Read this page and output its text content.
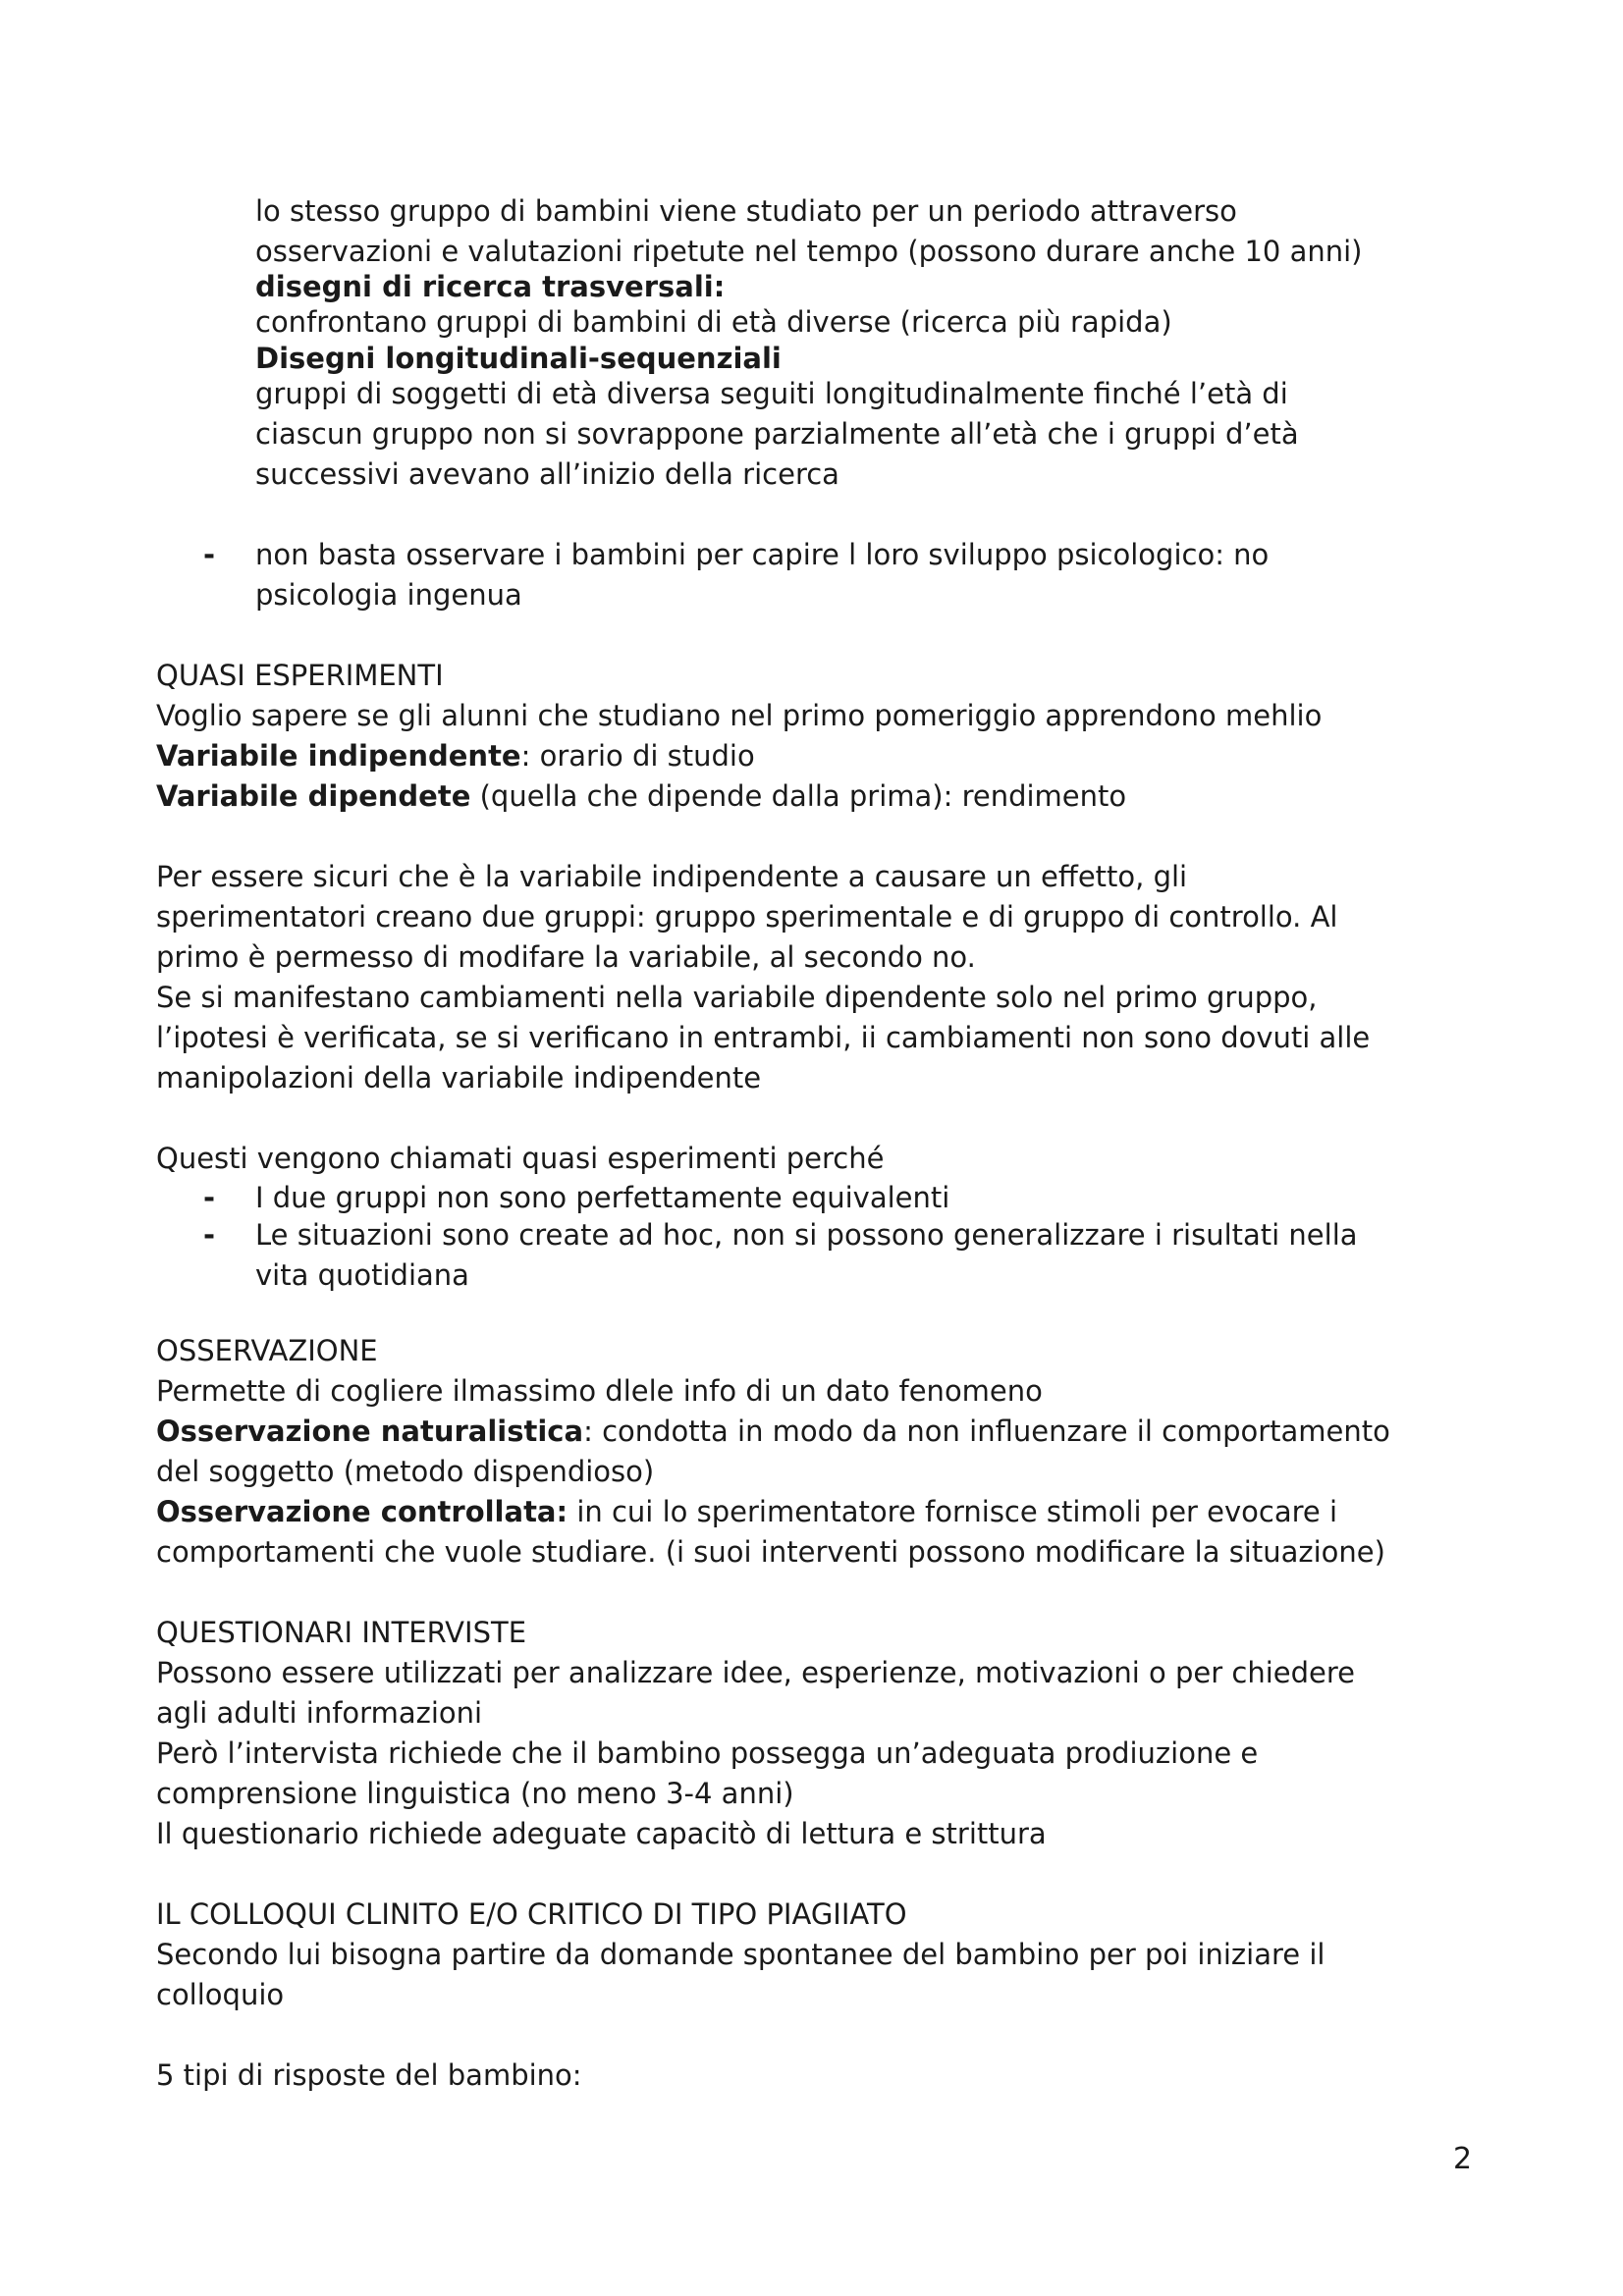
lo stesso gruppo di bambini viene studiato per un periodo attraverso

osservazioni e valutazioni ripetute nel tempo (possono durare anche 10 anni)

disegni di ricerca trasversali:

confrontano gruppi di bambini di età diverse (ricerca più rapida)

Disegni longitudinali-sequenziali

gruppi di soggetti di età diversa seguiti longitudinalmente finché l’età di

ciascun gruppo non si sovrappone parzialmente all’età che i gruppi d’età

successivi avevano all’inizio della ricerca

- non basta osservare i bambini per capire l loro sviluppo psicologico: no

psicologia ingenua

QUASI ESPERIMENTI

Voglio sapere se gli alunni che studiano nel primo pomeriggio apprendono mehlio

Variabile indipendente: orario di studio

Variabile dipendete (quella che dipende dalla prima): rendimento

Per essere sicuri che è la variabile indipendente a causare un effetto, gli

sperimentatori creano due gruppi: gruppo sperimentale e di gruppo di controllo. Al

primo è permesso di modifare la variabile, al secondo no.

Se si manifestano cambiamenti nella variabile dipendente solo nel primo gruppo,

l’ipotesi è verificata, se si verificano in entrambi, ii cambiamenti non sono dovuti alle

manipolazioni della variabile indipendente

Questi vengono chiamati quasi esperimenti perché

- I due gruppi non sono perfettamente equivalenti

- Le situazioni sono create ad hoc, non si possono generalizzare i risultati nella

vita quotidiana

OSSERVAZIONE

Permette di cogliere ilmassimo dlele info di un dato fenomeno

Osservazione naturalistica: condotta in modo da non influenzare il comportamento

del soggetto (metodo dispendioso)

Osservazione controllata: in cui lo sperimentatore fornisce stimoli per evocare i

comportamenti che vuole studiare. (i suoi interventi possono modificare la situazione)

QUESTIONARI INTERVISTE

Possono essere utilizzati per analizzare idee, esperienze, motivazioni o per chiedere

agli adulti informazioni

Però l’intervista richiede che il bambino possegga un’adeguata prodiuzione e

comprensione linguistica (no meno 3-4 anni)

Il questionario richiede adeguate capacitò di lettura e strittura

IL COLLOQUI CLINITO E/O CRITICO DI TIPO PIAGIIATO

Secondo lui bisogna partire da domande spontanee del bambino per poi iniziare il

colloquio

5 tipi di risposte del bambino:

2
